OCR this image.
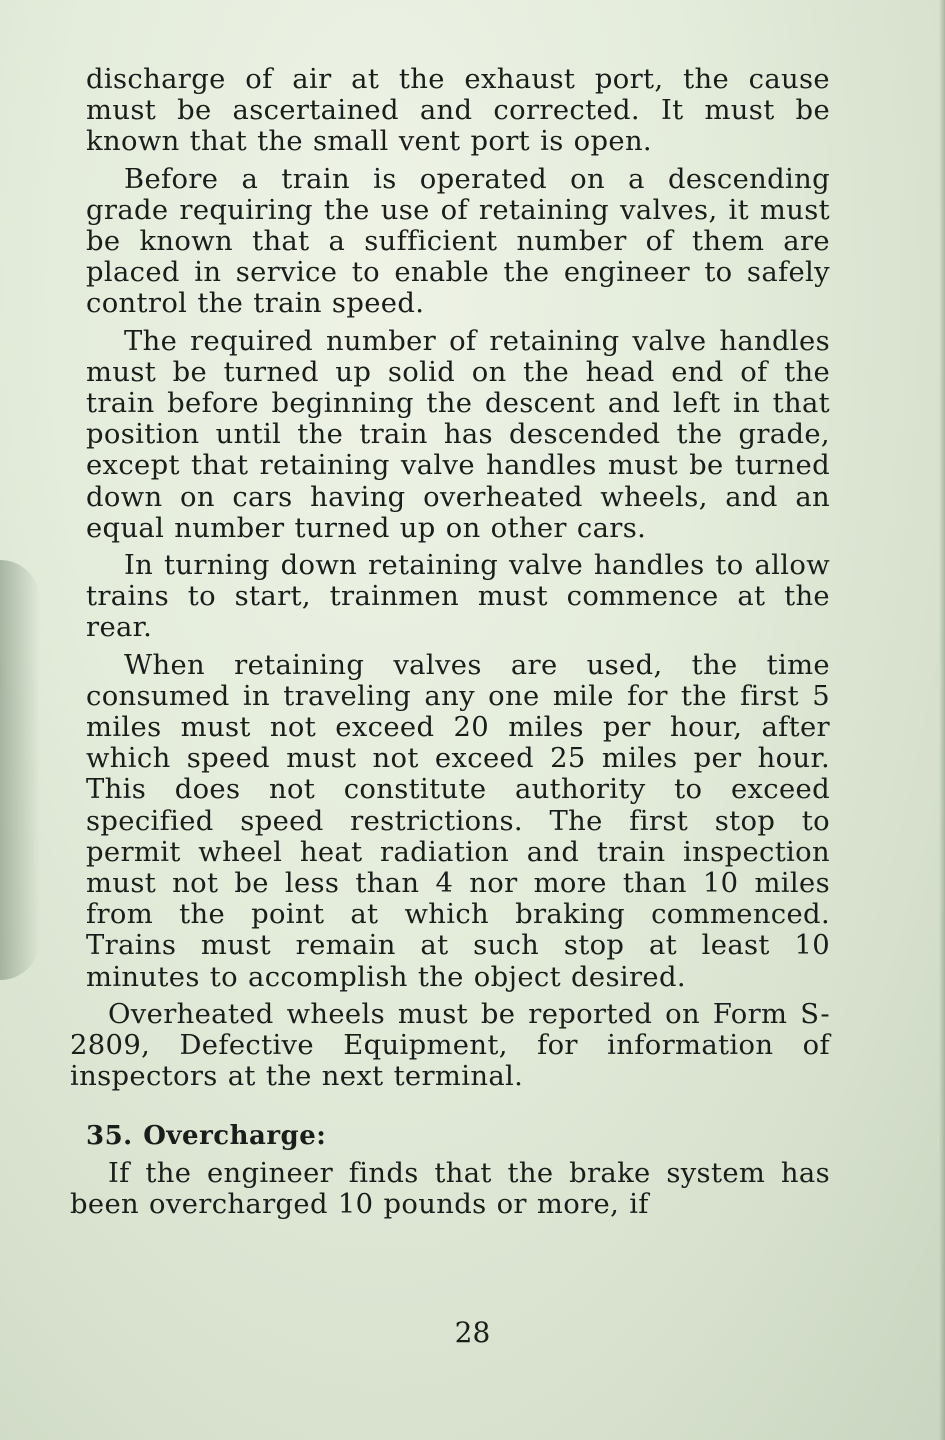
discharge of air at the exhaust port, the cause must be ascertained and corrected. It must be known that the small vent port is open.

Before a train is operated on a descending grade requiring the use of retaining valves, it must be known that a sufficient number of them are placed in service to enable the engineer to safely control the train speed.

The required number of retaining valve handles must be turned up solid on the head end of the train before beginning the descent and left in that position until the train has descended the grade, except that retaining valve handles must be turned down on cars having overheated wheels, and an equal number turned up on other cars.

In turning down retaining valve handles to allow trains to start, trainmen must commence at the rear.

When retaining valves are used, the time consumed in traveling any one mile for the first 5 miles must not exceed 20 miles per hour, after which speed must not exceed 25 miles per hour. This does not constitute authority to exceed specified speed restrictions. The first stop to permit wheel heat radiation and train inspection must not be less than 4 nor more than 10 miles from the point at which braking commenced. Trains must remain at such stop at least 10 minutes to accomplish the object desired.

Overheated wheels must be reported on Form S-2809, Defective Equipment, for information of inspectors at the next terminal.

35. Overcharge:

If the engineer finds that the brake system has been overcharged 10 pounds or more, if

28
